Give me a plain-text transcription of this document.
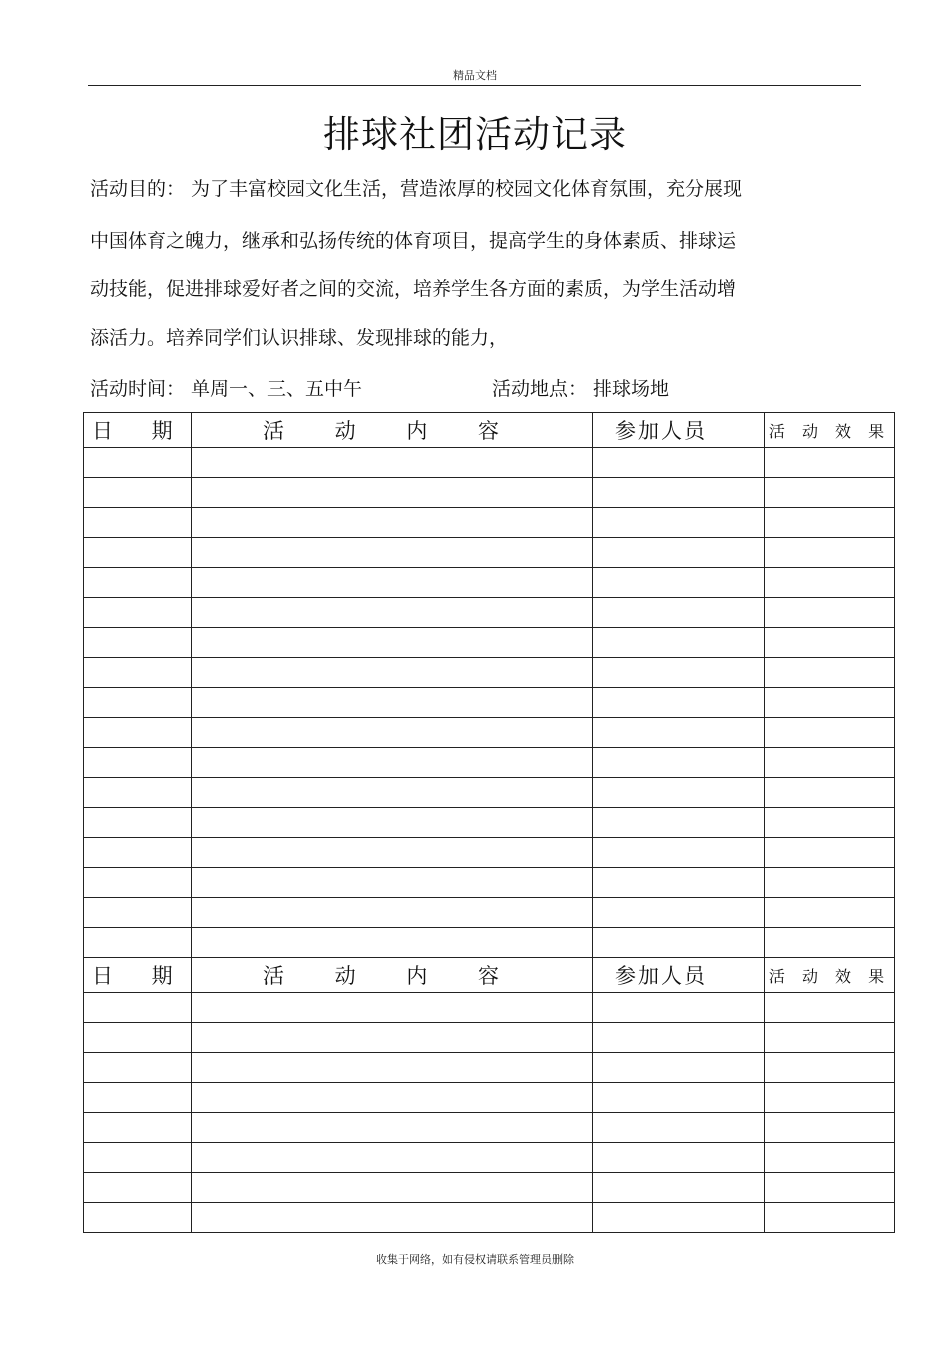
精品文档
排球社团活动记录
活动目的： 为了丰富校园文化生活，营造浓厚的校园文化体育氛围，充分展现
中国体育之魄力，继承和弘扬传统的体育项目，提高学生的身体素质、排球运
动技能，促进排球爱好者之间的交流，培养学生各方面的素质，为学生活动增
添活力。培养同学们认识排球、发现排球的能力，
活动时间： 单周一、三、五中午	活动地点： 排球场地
日 期	活 动 内 容	参加人员	活 动 效 果

日 期	活 动 内 容	参加人员	活 动 效 果

收集于网络，如有侵权请联系管理员删除
